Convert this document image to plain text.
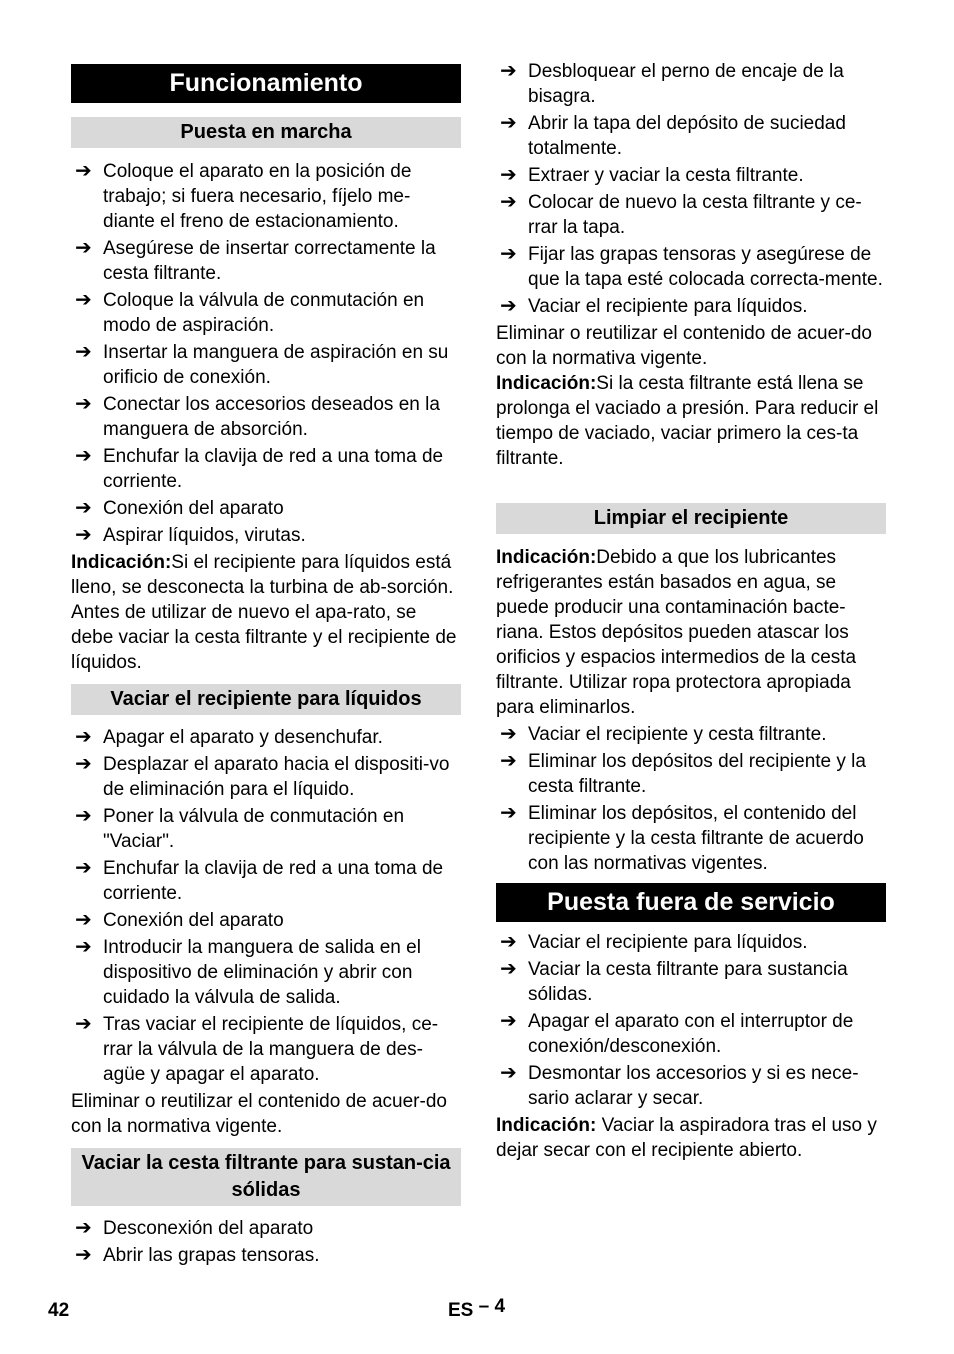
Funcionamiento
Puesta en marcha
➔ Coloque el aparato en la posición de trabajo; si fuera necesario, fíjelo me-diante el freno de estacionamiento.
➔ Asegúrese de insertar correctamente la cesta filtrante.
➔ Coloque la válvula de conmutación en modo de aspiración.
➔ Insertar la manguera de aspiración en su orificio de conexión.
➔ Conectar los accesorios deseados en la manguera de absorción.
➔ Enchufar la clavija de red a una toma de corriente.
➔ Conexión del aparato
➔ Aspirar líquidos, virutas.
Indicación:Si el recipiente para líquidos está lleno, se desconecta la turbina de ab-sorción. Antes de utilizar de nuevo el apa-rato, se debe vaciar la cesta filtrante y el recipiente de líquidos.
Vaciar el recipiente para líquidos
➔ Apagar el aparato y desenchufar.
➔ Desplazar el aparato hacia el dispositi-vo de eliminación para el líquido.
➔ Poner la válvula de conmutación en "Vaciar".
➔ Enchufar la clavija de red a una toma de corriente.
➔ Conexión del aparato
➔ Introducir la manguera de salida en el dispositivo de eliminación y abrir con cuidado la válvula de salida.
➔ Tras vaciar el recipiente de líquidos, ce-rrar la válvula de la manguera de des-agüe y apagar el aparato.
Eliminar o reutilizar el contenido de acuer-do con la normativa vigente.
Vaciar la cesta filtrante para sustan-cia sólidas
➔ Desconexión del aparato
➔ Abrir las grapas tensoras.
➔ Desbloquear el perno de encaje de la bisagra.
➔ Abrir la tapa del depósito de suciedad totalmente.
➔ Extraer y vaciar la cesta filtrante.
➔ Colocar de nuevo la cesta filtrante y ce-rrar la tapa.
➔ Fijar las grapas tensoras y asegúrese de que la tapa esté colocada correcta-mente.
➔ Vaciar el recipiente para líquidos.
Eliminar o reutilizar el contenido de acuer-do con la normativa vigente.
Indicación:Si la cesta filtrante está llena se prolonga el vaciado a presión. Para reducir el tiempo de vaciado, vaciar primero la ces-ta filtrante.
Limpiar el recipiente
Indicación:Debido a que los lubricantes refrigerantes están basados en agua, se puede producir una contaminación bacte-riana. Estos depósitos pueden atascar los orificios y espacios intermedios de la cesta filtrante. Utilizar ropa protectora apropiada para eliminarlos.
➔ Vaciar el recipiente y cesta filtrante.
➔ Eliminar los depósitos del recipiente y la cesta filtrante.
➔ Eliminar los depósitos, el contenido del recipiente y la cesta filtrante de acuerdo con las normativas vigentes.
Puesta fuera de servicio
➔ Vaciar el recipiente para líquidos.
➔ Vaciar la cesta filtrante para sustancia sólidas.
➔ Apagar el aparato con el interruptor de conexión/desconexión.
➔ Desmontar los accesorios y si es nece-sario aclarar y secar.
Indicación: Vaciar la aspiradora tras el uso y dejar secar con el recipiente abierto.
42	ES – 4
